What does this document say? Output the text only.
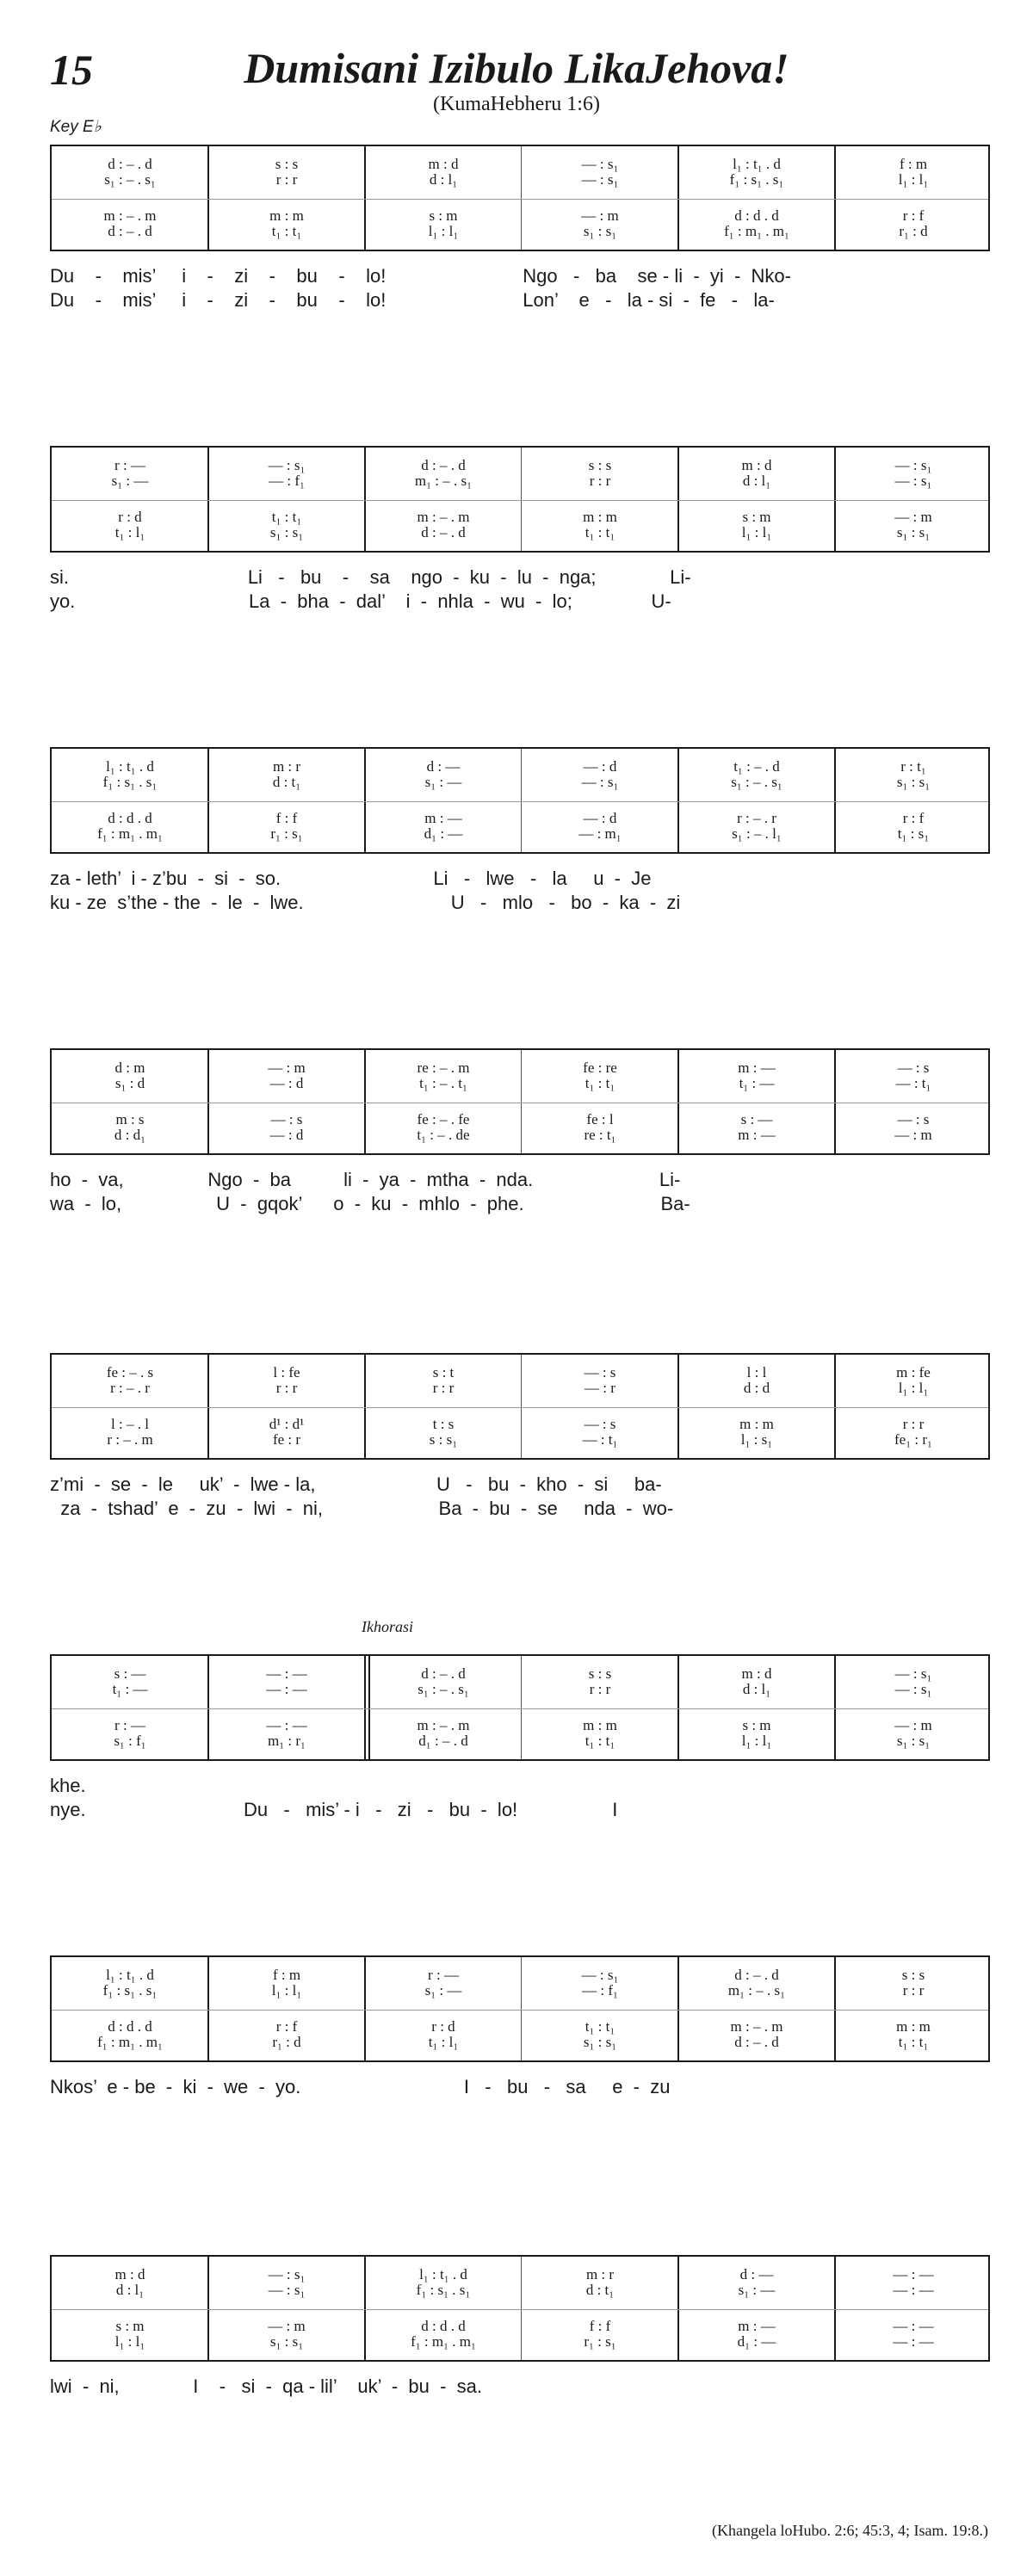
15	Dumisani Izibulo LikaJehova!
(KumaHebheru 1:6)
Key E♭
Ikhorasi
(Khangela loHubo. 2:6; 45:3, 4; Isam. 19:8.)
d : – . d	s : s	m : d	— : s₁	l₁ : t₁ . d	f : m
s₁ : – . s₁	r : r	d : l₁	— : s₁	f₁ : s₁ . s₁	l₁ : l₁
m : – . m	m : m	s : m	— : m	d : d . d	r : f
d : – . d	t₁ : t₁	l₁ : l₁	s₁ : s₁	f₁ : m₁ . m₁	r₁ : d
Du    -    mis’     i    -    zi    -    bu    -    lo!                          Ngo   -   ba    se - li  -  yi  -  Nko-
Du    -    mis’     i    -    zi    -    bu    -    lo!                          Lon’    e   -   la - si  -  fe   -   la-
r : —	— : s₁	d : – . d	s : s	m : d	— : s₁
s₁ : —	— : f₁	m₁ : – . s₁	r : r	d : l₁	— : s₁
r : d	t₁ : t₁	m : – . m	m : m	s : m	— : m
t₁ : l₁	s₁ : s₁	d : – . d	t₁ : t₁	l₁ : l₁	s₁ : s₁
si.                                  Li   -   bu    -    sa    ngo  -  ku  -  lu  -  nga;              Li-
yo.                                 La  -  bha  -  dal’    i  -  nhla  -  wu  -  lo;               U-
l₁ : t₁ . d	m : r	d : —	— : d	t₁ : – . d	r : t₁
f₁ : s₁ . s₁	d : t₁	s₁ : —	— : s₁	s₁ : – . s₁	s₁ : s₁
d : d . d	f : f	m : —	— : d	r : – . r	r : f
f₁ : m₁ . m₁	r₁ : s₁	d₁ : —	— : m₁	s₁ : – . l₁	t₁ : s₁
za - leth’  i - z’bu  -  si  -  so.                             Li   -   lwe   -   la     u  -  Je
ku - ze  s’the - the  -  le  -  lwe.                            U   -   mlo   -   bo  -  ka  -  zi
d : m	— : m	re : – . m	fe : re	m : —	— : s
s₁ : d	— : d	t₁ : – . t₁	t₁ : t₁	t₁ : —	— : t₁
m : s	— : s	fe : – . fe	fe : l	s : —	— : s
d : d₁	— : d	t₁ : – . de	re : t₁	m : —	— : m
ho  -  va,                Ngo  -  ba          li  -  ya  -  mtha  -  nda.                        Li-
wa  -  lo,                  U  -  gqok’      o  -  ku  -  mhlo  -  phe.                          Ba-
fe : – . s	l : fe	s : t	— : s	l : l	m : fe
r : – . r	r : r	r : r	— : r	d : d	l₁ : l₁
l : – . l	d¹ : d¹	t : s	— : s	m : m	r : r
r : – . m	fe : r	s : s₁	— : t₁	l₁ : s₁	fe₁ : r₁
z’mi  -  se  -  le     uk’  -  lwe - la,                       U   -   bu  -  kho  -  si     ba-
za  -  tshad’  e  -  zu  -  lwi  -  ni,                      Ba  -  bu  -  se     nda  -  wo-
s : —	— : —	d : – . d	s : s	m : d	— : s₁
t₁ : —	— : —	s₁ : – . s₁	r : r	d : l₁	— : s₁
r : —	— : —	m : – . m	m : m	s : m	— : m
s₁ : f₁	m₁ : r₁	d₁ : – . d	t₁ : t₁	l₁ : l₁	s₁ : s₁
khe.
nye.                              Du   -   mis’ - i   -   zi   -   bu  -  lo!                  I
l₁ : t₁ . d	f : m	r : —	— : s₁	d : – . d	s : s
f₁ : s₁ . s₁	l₁ : l₁	s₁ : —	— : f₁	m₁ : – . s₁	r : r
d : d . d	r : f	r : d	t₁ : t₁	m : – . m	m : m
f₁ : m₁ . m₁	r₁ : d	t₁ : l₁	s₁ : s₁	d : – . d	t₁ : t₁
Nkos’  e - be  -  ki  -  we  -  yo.                               I   -   bu   -   sa     e  -  zu
m : d	— : s₁	l₁ : t₁ . d	m : r	d : —	— : —
d : l₁	— : s₁	f₁ : s₁ . s₁	d : t₁	s₁ : —	— : —
s : m	— : m	d : d . d	f : f	m : —	— : —
l₁ : l₁	s₁ : s₁	f₁ : m₁ . m₁	r₁ : s₁	d₁ : —	— : —
lwi  -  ni,              I    -   si  -  qa - lil’    uk’  -  bu  -  sa.
